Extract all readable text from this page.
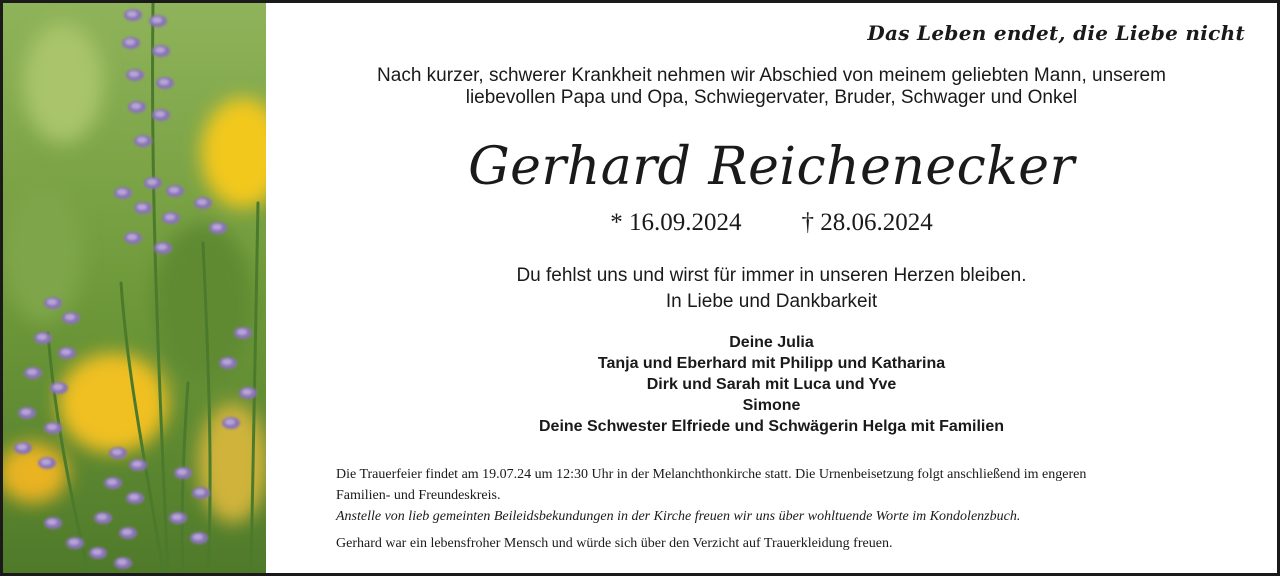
Das Leben endet, die Liebe nicht

Nach kurzer, schwerer Krankheit nehmen wir Abschied von meinem geliebten Mann, unserem
liebevollen Papa und Opa, Schwiegervater, Bruder, Schwager und Onkel

Gerhard Reichenecker
* 16.09.2024 † 28.06.2024

Du fehlst uns und wirst für immer in unseren Herzen bleiben.
In Liebe und Dankbarkeit

Deine Julia
Tanja und Eberhard mit Philipp und Katharina
Dirk und Sarah mit Luca und Yve
Simone
Deine Schwester Elfriede und Schwägerin Helga mit Familien

Die Trauerfeier findet am 19.07.24 um 12:30 Uhr in der Melanchthonkirche statt. Die Urnenbeisetzung folgt anschließend im engeren

Familien- und Freundeskreis.

Anstelle von lieb gemeinten Beileidsbekundungen in der Kirche freuen wir uns über wohltuende Worte im Kondolenzbuch.

Gerhard war ein lebensfroher Mensch und würde sich über den Verzicht auf Trauerkleidung freuen.
